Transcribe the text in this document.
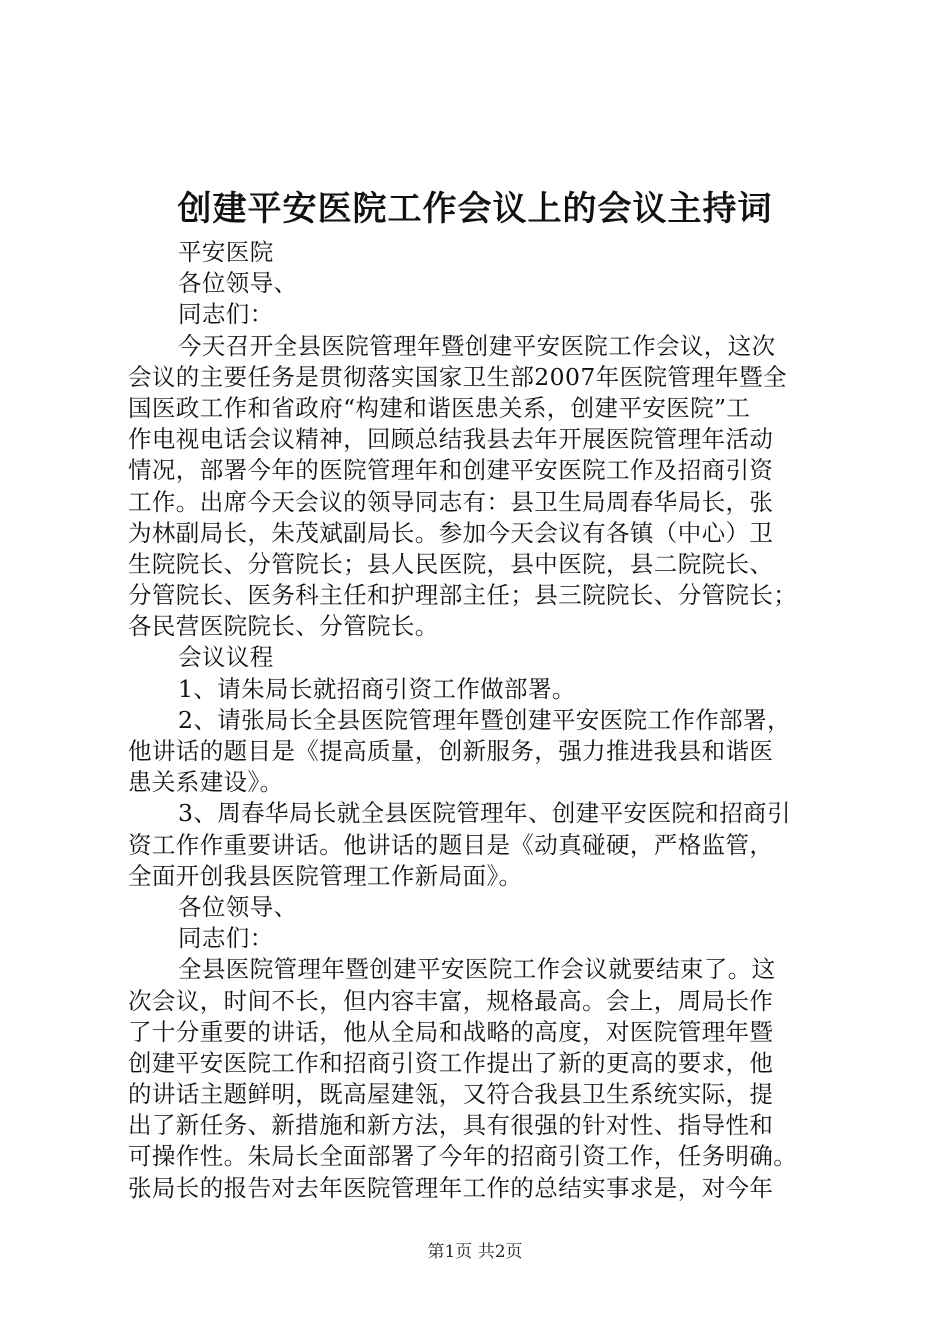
创建平安医院工作会议上的会议主持词
平安医院
各位领导、
同志们：
今天召开全县医院管理年暨创建平安医院工作会议，这次
会议的主要任务是贯彻落实国家卫生部2007年医院管理年暨全
国医政工作和省政府“构建和谐医患关系，创建平安医院”工
作电视电话会议精神，回顾总结我县去年开展医院管理年活动
情况，部署今年的医院管理年和创建平安医院工作及招商引资
工作。出席今天会议的领导同志有：县卫生局周春华局长，张
为林副局长，朱茂斌副局长。参加今天会议有各镇（中心）卫
生院院长、分管院长；县人民医院，县中医院，县二院院长、
分管院长、医务科主任和护理部主任；县三院院长、分管院长；
各民营医院院长、分管院长。
会议议程
1、请朱局长就招商引资工作做部署。
2、请张局长全县医院管理年暨创建平安医院工作作部署，
他讲话的题目是《提高质量，创新服务，强力推进我县和谐医
患关系建设》。
3、周春华局长就全县医院管理年、创建平安医院和招商引
资工作作重要讲话。他讲话的题目是《动真碰硬，严格监管，
全面开创我县医院管理工作新局面》。
各位领导、
同志们：
全县医院管理年暨创建平安医院工作会议就要结束了。这
次会议，时间不长，但内容丰富，规格最高。会上，周局长作
了十分重要的讲话，他从全局和战略的高度，对医院管理年暨
创建平安医院工作和招商引资工作提出了新的更高的要求，他
的讲话主题鲜明，既高屋建瓴，又符合我县卫生系统实际，提
出了新任务、新措施和新方法，具有很强的针对性、指导性和
可操作性。朱局长全面部署了今年的招商引资工作，任务明确。
张局长的报告对去年医院管理年工作的总结实事求是，对今年
第1页 共2页
